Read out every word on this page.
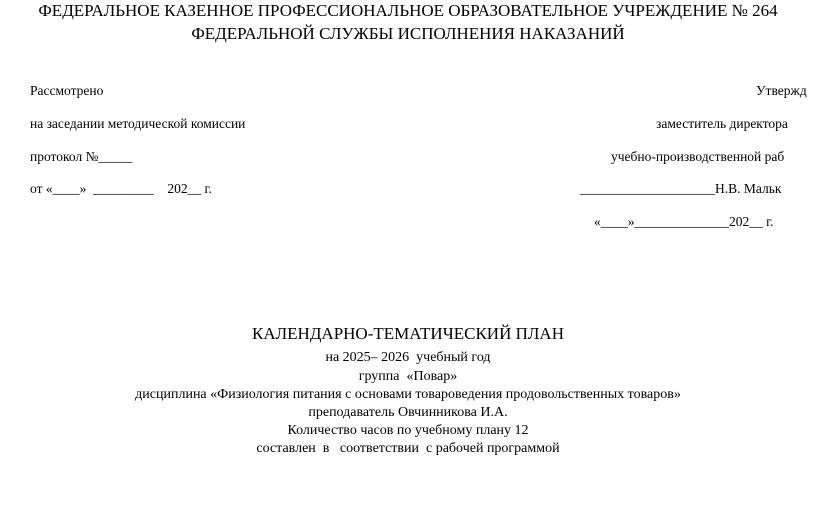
ФЕДЕРАЛЬНОЕ КАЗЕННОЕ ПРОФЕССИОНАЛЬНОЕ ОБРАЗОВАТЕЛЬНОЕ УЧРЕЖДЕНИЕ № 264
ФЕДЕРАЛЬНОЙ СЛУЖБЫ ИСПОЛНЕНИЯ НАКАЗАНИЙ
Рассмотрено
на заседании методической комиссии
протокол №_____
от «____»  _________    202__ г.
Утвержд
заместитель директора
учебно-производственной раб
____________________Н.В. Мальк
«____»______________202__ г.
КАЛЕНДАРНО-ТЕМАТИЧЕСКИЙ ПЛАН
на 2025– 2026  учебный год
группа  «Повар»
дисциплина «Физиология питания с основами товароведения продовольственных товаров»
преподаватель Овчинникова И.А.
Количество часов по учебному плану 12
составлен  в   соответствии  с рабочей программой
